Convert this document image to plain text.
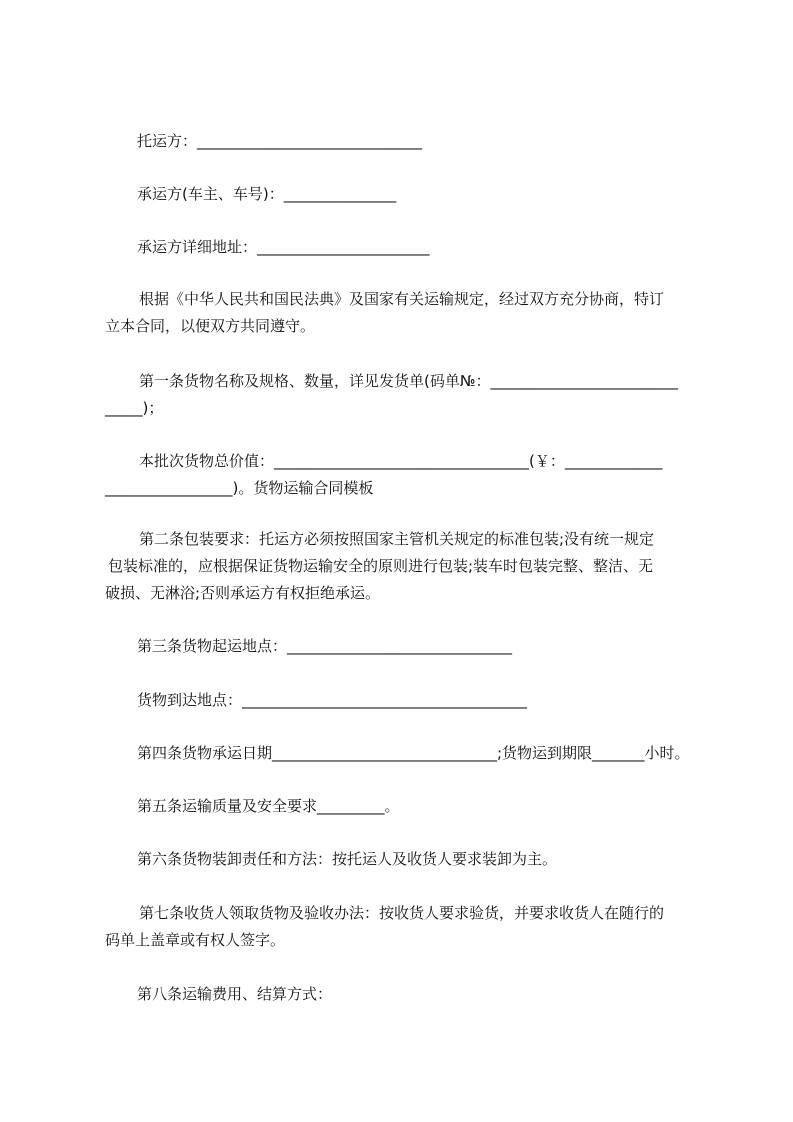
托运方：______________________________
承运方(车主、车号)：_______________
承运方详细地址：_______________________
根据《中华人民共和国民法典》及国家有关运输规定，经过双方充分协商，特订
立本合同，以便双方共同遵守。
第一条货物名称及规格、数量，详见发货单(码单№：_________________________
_____)；
本批次货物总价值：__________________________________(￥：_____________
_________________)。货物运输合同模板
第二条包装要求：托运方必须按照国家主管机关规定的标准包装;没有统一规定
包装标准的，应根据保证货物运输安全的原则进行包装;装车时包装完整、整洁、无
破损、无淋浴;否则承运方有权拒绝承运。
第三条货物起运地点：______________________________
货物到达地点：______________________________________
第四条货物承运日期______________________________;货物运到期限_______小时。
第五条运输质量及安全要求_________。
第六条货物装卸责任和方法：按托运人及收货人要求装卸为主。
第七条收货人领取货物及验收办法：按收货人要求验货，并要求收货人在随行的
码单上盖章或有权人签字。
第八条运输费用、结算方式：
